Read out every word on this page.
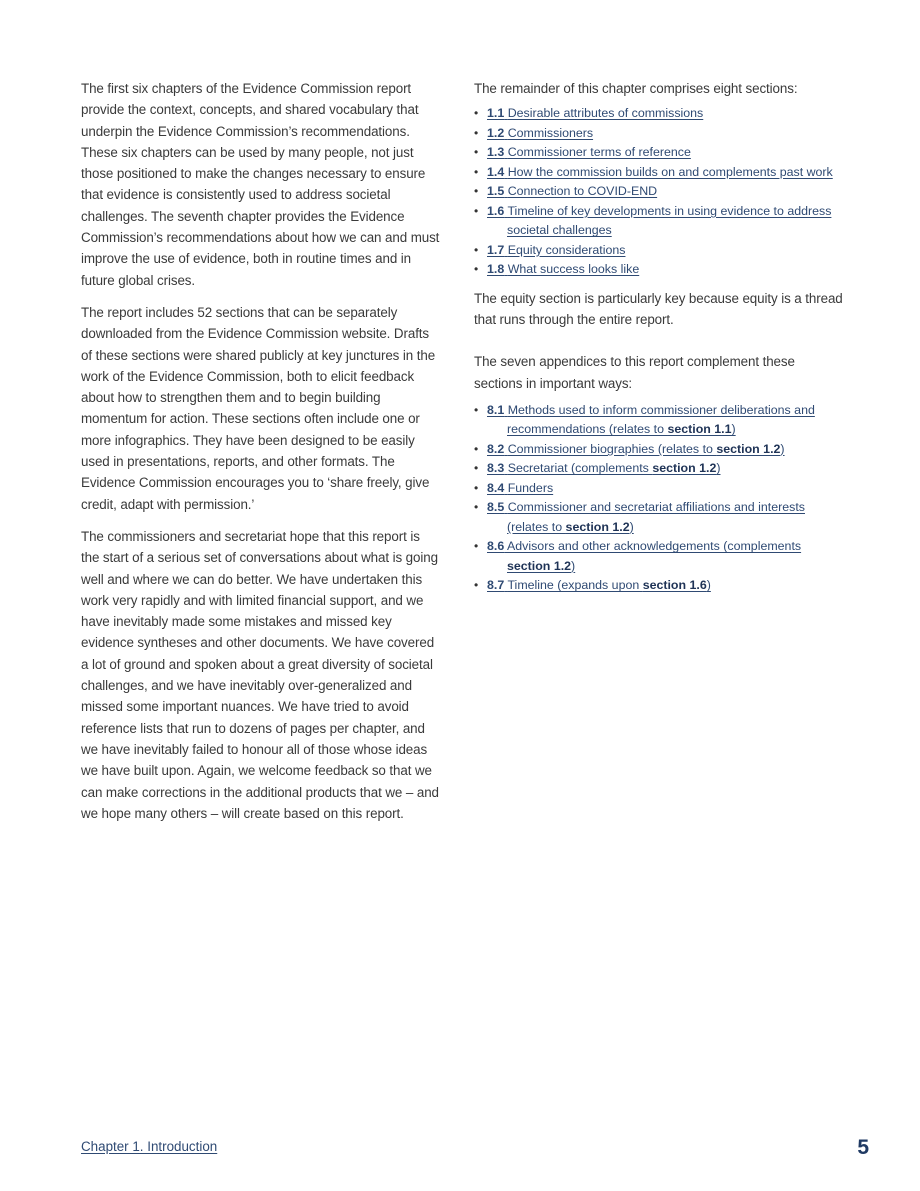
The first six chapters of the Evidence Commission report provide the context, concepts, and shared vocabulary that underpin the Evidence Commission’s recommendations. These six chapters can be used by many people, not just those positioned to make the changes necessary to ensure that evidence is consistently used to address societal challenges. The seventh chapter provides the Evidence Commission’s recommendations about how we can and must improve the use of evidence, both in routine times and in future global crises.

The report includes 52 sections that can be separately downloaded from the Evidence Commission website. Drafts of these sections were shared publicly at key junctures in the work of the Evidence Commission, both to elicit feedback about how to strengthen them and to begin building momentum for action. These sections often include one or more infographics. They have been designed to be easily used in presentations, reports, and other formats. The Evidence Commission encourages you to ‘share freely, give credit, adapt with permission.’

The commissioners and secretariat hope that this report is the start of a serious set of conversations about what is going well and where we can do better. We have undertaken this work very rapidly and with limited financial support, and we have inevitably made some mistakes and missed key evidence syntheses and other documents. We have covered a lot of ground and spoken about a great diversity of societal challenges, and we have inevitably over-generalized and missed some important nuances. We have tried to avoid reference lists that run to dozens of pages per chapter, and we have inevitably failed to honour all of those whose ideas we have built upon. Again, we welcome feedback so that we can make corrections in the additional products that we – and we hope many others – will create based on this report.

The remainder of this chapter comprises eight sections:

• 1.1 Desirable attributes of commissions
• 1.2 Commissioners
• 1.3 Commissioner terms of reference
• 1.4 How the commission builds on and complements past work
• 1.5 Connection to COVID-END
• 1.6 Timeline of key developments in using evidence to address
societal challenges
• 1.7 Equity considerations
• 1.8 What success looks like

The equity section is particularly key because equity is a thread that runs through the entire report.

The seven appendices to this report complement these sections in important ways:

• 8.1 Methods used to inform commissioner deliberations and
recommendations (relates to section 1.1)
• 8.2 Commissioner biographies (relates to section 1.2)
• 8.3 Secretariat (complements section 1.2)
• 8.4 Funders
• 8.5 Commissioner and secretariat affiliations and interests
(relates to section 1.2)
• 8.6 Advisors and other acknowledgements (complements
section 1.2)
• 8.7 Timeline (expands upon section 1.6)
Chapter 1. Introduction	5
